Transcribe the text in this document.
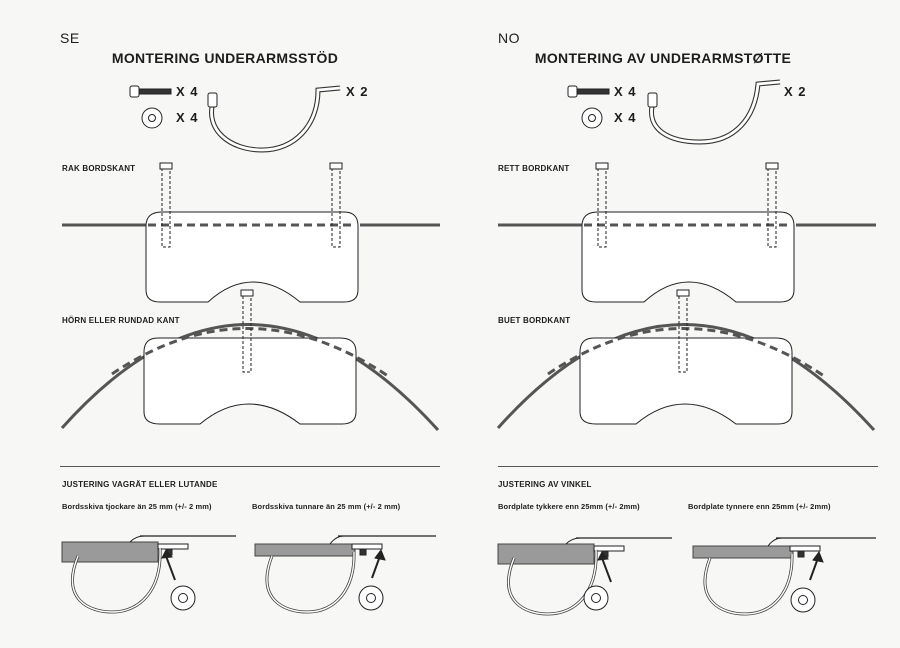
SE
MONTERING UNDERARMSSTÖD
X 4
X 4
X 2
RAK BORDSKANT
HÖRN ELLER RUNDAD KANT
JUSTERING VAGRÄT ELLER LUTANDE
Bordsskiva tjockare än 25 mm (+/- 2 mm)	Bordsskiva tunnare än 25 mm (+/- 2 mm)
NO
MONTERING AV UNDERARMSTØTTE
X 4
X 4
X 2
RETT BORDKANT
BUET BORDKANT
JUSTERING AV VINKEL
Bordplate tykkere enn 25mm (+/- 2mm)	Bordplate tynnere enn 25mm (+/- 2mm)
